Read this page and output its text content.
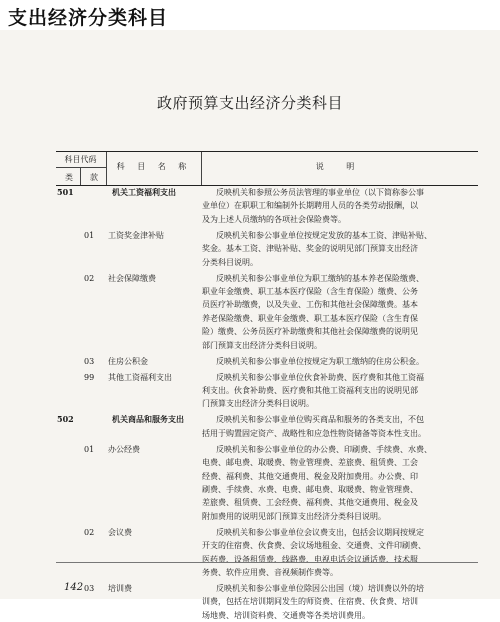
支出经济分类科目
政府预算支出经济分类科目
科目代码
类	款
科 目 名 称	说 明
501	机关工资福利支出	反映机关和参照公务员法管理的事业单位（以下简称参公事
业单位）在职职工和编制外长期聘用人员的各类劳动报酬，以
及为上述人员缴纳的各项社会保险费等。
01	工资奖金津补贴	反映机关和参公事业单位按规定发放的基本工资、津贴补贴、
奖金。基本工资、津贴补贴、奖金的说明见部门预算支出经济
分类科目说明。
02	社会保障缴费	反映机关和参公事业单位为职工缴纳的基本养老保险缴费、
职业年金缴费、职工基本医疗保险（含生育保险）缴费、公务
员医疗补助缴费，以及失业、工伤和其他社会保障缴费。基本
养老保险缴费、职业年金缴费、职工基本医疗保险（含生育保
险）缴费、公务员医疗补助缴费和其他社会保障缴费的说明见
部门预算支出经济分类科目说明。
03	住房公积金	反映机关和参公事业单位按规定为职工缴纳的住房公积金。
99	其他工资福利支出	反映机关和参公事业单位伙食补助费、医疗费和其他工资福
利支出。伙食补助费、医疗费和其他工资福利支出的说明见部
门预算支出经济分类科目说明。
502	机关商品和服务支出	反映机关和参公事业单位购买商品和服务的各类支出，不包
括用于购置固定资产、战略性和应急性物资储备等资本性支出。
01	办公经费	反映机关和参公事业单位的办公费、印刷费、手续费、水费、
电费、邮电费、取暖费、物业管理费、差旅费、租赁费、工会
经费、福利费、其他交通费用、税金及附加费用。办公费、印
刷费、手续费、水费、电费、邮电费、取暖费、物业管理费、
差旅费、租赁费、工会经费、福利费、其他交通费用、税金及
附加费用的说明见部门预算支出经济分类科目说明。
02	会议费	反映机关和参公事业单位会议费支出，包括会议期间按规定
开支的住宿费、伙食费、会议场地租金、交通费、文件印刷费、
医药费、设备租赁费、线路费、电视电话会议通话费、技术服
务费、软件应用费、音视频制作费等。
03	培训费	反映机关和参公事业单位除因公出国（境）培训费以外的培
训费，包括在培训期间发生的师资费、住宿费、伙食费、培训
场地费、培训资料费、交通费等各类培训费用。
142
